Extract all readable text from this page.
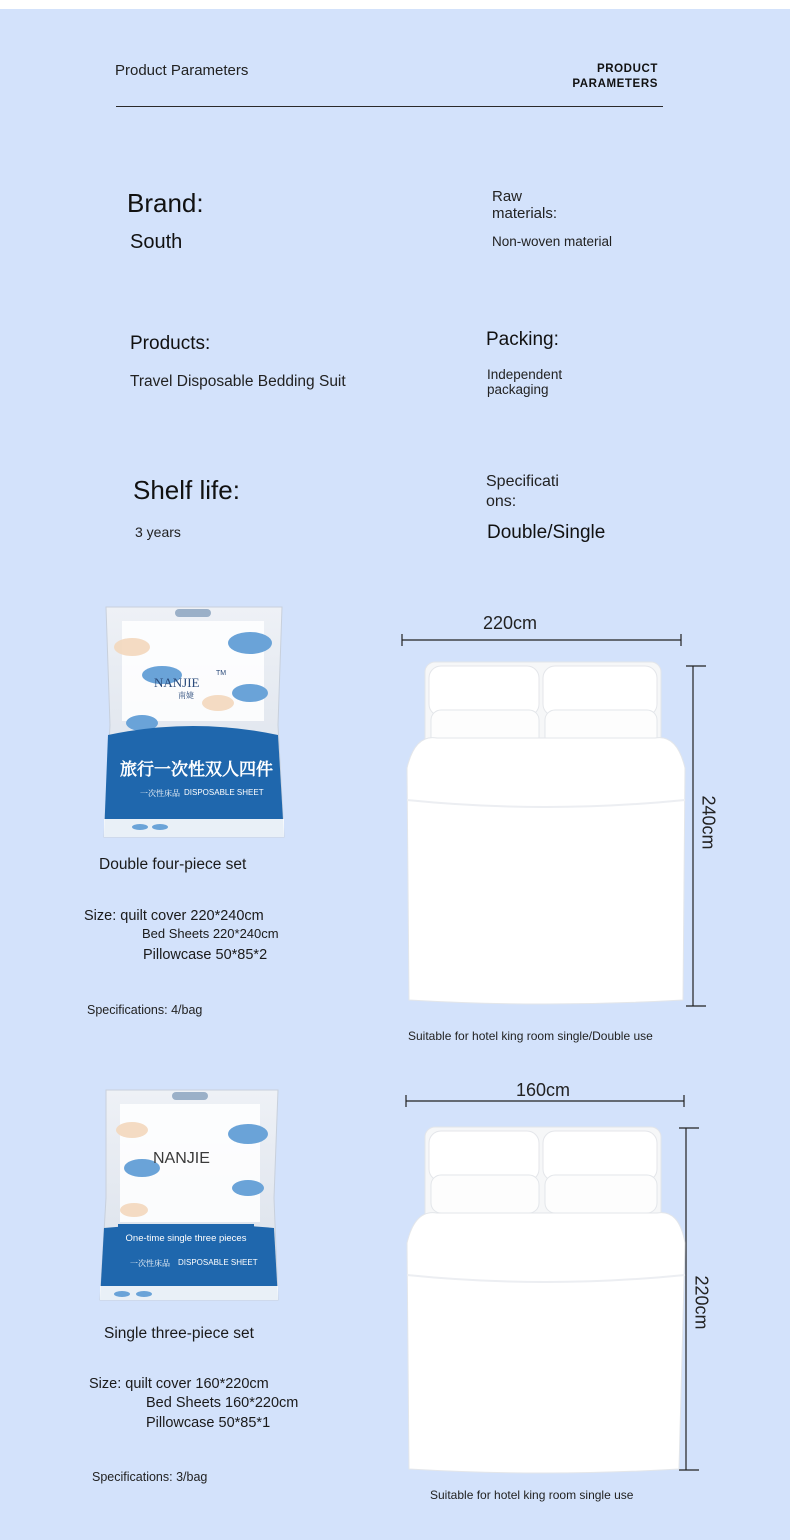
Product Parameters	PRODUCT
PARAMETERS
Brand:
South
Raw
materials:
Non-woven material
Products:
Travel Disposable Bedding Suit
Packing:
Independent
packaging
Shelf life:
3 years
Specificati
ons:
Double/Single
NANJIE
TM
南婕
旅行一次性双人四件
一次性床品 DISPOSABLE SHEET
Double four-piece set
Size: quilt cover 220*240cm
Bed Sheets 220*240cm
Pillowcase 50*85*2
Specifications: 4/bag
220cm
240cm
Suitable for hotel king room single/Double use
NANJIE
One-time single three pieces
一次性床品 DISPOSABLE SHEET
Single three-piece set
Size: quilt cover 160*220cm
Bed Sheets 160*220cm
Pillowcase 50*85*1
Specifications: 3/bag
160cm
220cm
Suitable for hotel king room single use
